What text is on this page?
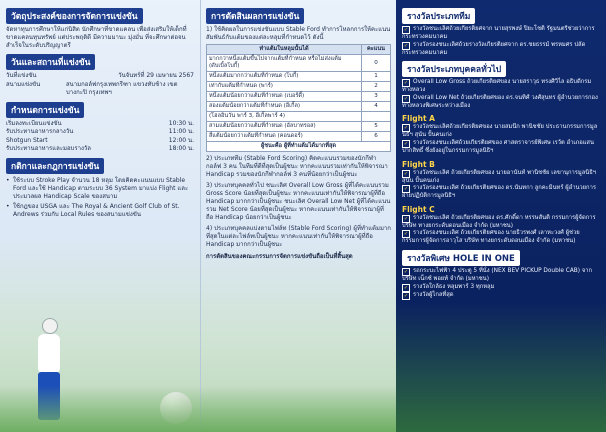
วัตถุประสงค์ของการจัดการแข่งขัน

จัดหาทุนการศึกษาให้แก่นิสิต นักศึกษาที่ขาดแคลน เพื่อส่งเสริมให้เด็กที่ขาดแคลนทุนทรัพย์ แต่ประพฤติดี มีความมานะ มุ่งมั่น ที่จะศึกษาต่อจนสำเร็จในระดับปริญญาตรี

วันและสถานที่แข่งขัน
วันที่แข่งขัน	วันจันทร์ที่ 29 เมษายน 2567
สนามแข่งขัน	สนามกอล์ฟกรุงเทพกรีฑา แขวงทับช้าง เขตบางกะปิ กรุงเทพฯ
กำหนดการแข่งขัน
เริ่มลงทะเบียนแข่งขัน	10:30 น.
รับประทานอาหารกลางวัน	11:00 น.
Shotgun Start	12:00 น.
รับประทานอาหารและมอบรางวัล	18:00 น.
กติกาและกฎการแข่งขัน

• ใช้ระบบ Stroke Play จำนวน 18 หลุม โดยคิดคะแนนแบบ Stable Ford และใช้ Handicap ตามระบบ 36 System มาแบ่ง Flight และประมวลผล Handicap Scale ของสนาม

• ใช้กฎของ USGA และ The Royal & Ancient Golf Club of St. Andrews ร่วมกับ Local Rules ของสนามแข่งขัน

การตัดสินผลการแข่งขัน

1) ใช้คิดผลในการแข่งขันแบบ Stable Ford ทำการโหลกการให้คะแนนสัมพันธ์กับแต้มของแต่ละหลุมที่กำหนดไว้ ดังนี้

ทำแต้มในหลุมนั้นได้	คะแนน
มากกว่าหนึ่งแต้มขึ้นไปจากแต้มที่กำหนด หรือไม่ส่งแต้ม (ดับเบิ้ลโบกี้)	0
หนึ่งแต้มมากกว่าแต้มที่กำหนด (โบกี้)	1
เท่ากับแต้มที่กำหนด (พาร์)	2
หนึ่งแต้มน้อยกว่าแต้มที่กำหนด (เบอร์ดี้)	3
สองแต้มน้อยกว่าแต้มที่กำหนด (อีเกิ้ล)	4
(โฮลอินวัน พาร์ 3, อีเกิ้ลพาร์ 4)	
สามแต้มน้อยกว่าแต้มที่กำหนด (อัลบาทรอส)	5
สี่แต้มน้อยกว่าแต้มที่กำหนด (คอนดอร์)	6
ผู้ชนะคือ ผู้ที่ทำแต้มได้มากที่สุด	

2) ประเภททีม (Stable Ford Scoring) คิดคะแนนรวมของนักกีฬากอล์ฟ 3 คน ในทีมที่ดีที่สุดเป็นผู้ชนะ หากคะแนนรวมเท่ากันให้พิจารณา Handicap รวมของนักกีฬากอล์ฟ 3 คนที่น้อยกว่าเป็นผู้ชนะ

3) ประเภทบุคคลทั่วไป ชนะเลิศ Overall Low Gross ผู้ที่ได้คะแนนรวม Gross Score น้อยที่สุดเป็นผู้ชนะ หากคะแนนเท่ากันให้พิจารณาผู้ที่ถือ Handicap มากกว่าเป็นผู้ชนะ ชนะเลิศ Overall Low Net ผู้ที่ได้คะแนนรวม Net Score น้อยที่สุดเป็นผู้ชนะ หากคะแนนเท่ากันให้พิจารณาผู้ที่ถือ Handicap น้อยกว่าเป็นผู้ชนะ

4) ประเภทบุคคลแบ่งตามไฟล์ท (Stable Ford Scoring) ผู้ที่ทำแต้มมากที่สุดในแต่ละไฟล์ทเป็นผู้ชนะ หากคะแนนเท่ากันให้พิจารณาผู้ที่ถือ Handicap มากกว่าเป็นผู้ชนะ

การตัดสินของคณะกรรมการจัดการแข่งขันถือเป็นที่สิ้นสุด

รางวัลประเภททีม

✓ รางวัลชนะเลิศถ้วยเกียรติยศจาก นายสุรพงษ์ ปิยะโชติ รัฐมนตรีช่วยว่าการกระทรวงคมนาคม

✓ รางวัลรองชนะเลิศถ้วยรางวัลเกียรติยศจาก ดร.ชยธรรม์ พรหมศร ปลัดกระทรวงคมนาคม

รางวัลประเภทบุคคลทั่วไป

✓ Overall Low Gross ถ้วยเกียรติยศของ นายสราวุธ ทรงศิวิไล อธิบดีกรมทางหลวง

✓ Overall Low Net ถ้วยเกียรติยศของ ดร.จนทิศ์ วงศ์สุนทร ผู้อำนวยการกองทางหลวงพิเศษระหว่างเมือง

Flight A

✓ รางวัลชนะเลิศถ้วยเกียรติยศของ นายสมนึก พานิชชัย ประธานกรรมการมูลนิธิฯ สุนัน ปั้นคนเก่ง

✓ รางวัลรองชนะเลิศถ้วยเกียรติยศของ ศาสตราจารย์พิเศษ เรวัต อำเภอแสนปากสิทธิ์ ซึ่งยังอยู่ในกรรมการมูลนิธิฯ

Flight B

✓ รางวัลชนะเลิศ ถ้วยเกียรติยศของ นายอานันท์ พานิชชัย เลขานุการมูลนิธิฯ สุนัน ปั้นคนเก่ง

✓ รางวัลรองชนะเลิศ ถ้วยเกียรติยศของ ดร.นันทกา ลูกคะมินทร์ ผู้อำนวยการฝ่ายปฏิบัติการมูลนิธิฯ

Flight C

✓ รางวัลชนะเลิศ ถ้วยเกียรติยศของ ดร.ศักดิ์ดา หรรษสันติ กรรมการผู้จัดการ บริษัท ทางยกระดับดอนเมือง จำกัด (มหาชน)

✓ รางวัลรองชนะเลิศ ถ้วยเกียรติยศของ นายธิวรพงศ์ เลาหะวงศ์ ผู้ช่วยกรรมการผู้จัดการอาวุโส บริษัท ทางยกระดับดอนเมือง จำกัด (มหาชน)

รางวัลพิเศษ HOLE IN ONE

✓ รถกระบะไฟฟ้า 4 ประตู 5 ที่นั่ง (NEX BEV PICKUP Double CAB) จากบริษัท เน็กซ์ พอยท์ จำกัด (มหาชน)

✓ รางวัลใกล้ธง หลุมพาร์ 3 ทุกหลุม

✓ รางวัลผู้ไกลที่สุด
